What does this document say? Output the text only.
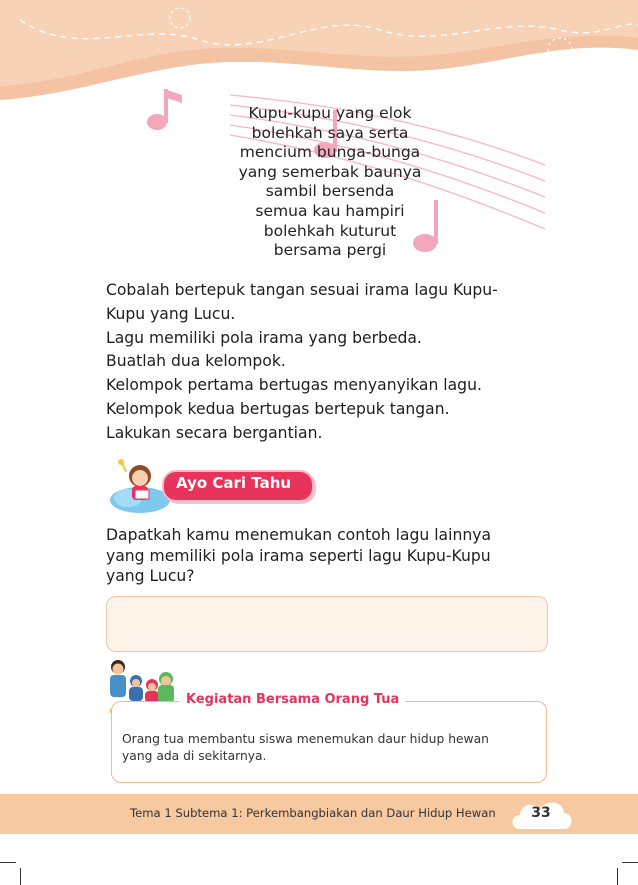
Kupu-kupu yang elok
bolehkah saya serta
mencium bunga-bunga
yang semerbak baunya
sambil bersenda
semua kau hampiri
bolehkah kuturut
bersama pergi
Cobalah bertepuk tangan sesuai irama lagu Kupu-
Kupu yang Lucu.
Lagu memiliki pola irama yang berbeda.
Buatlah dua kelompok.
Kelompok pertama bertugas menyanyikan lagu.
Kelompok kedua bertugas bertepuk tangan.
Lakukan secara bergantian.
Ayo Cari Tahu
Dapatkah kamu menemukan contoh lagu lainnya
yang memiliki pola irama seperti lagu Kupu-Kupu
yang Lucu?
Kegiatan Bersama Orang Tua
Orang tua membantu siswa menemukan daur hidup hewan
yang ada di sekitarnya.
Tema 1 Subtema 1: Perkembangbiakan dan Daur Hidup Hewan	33
